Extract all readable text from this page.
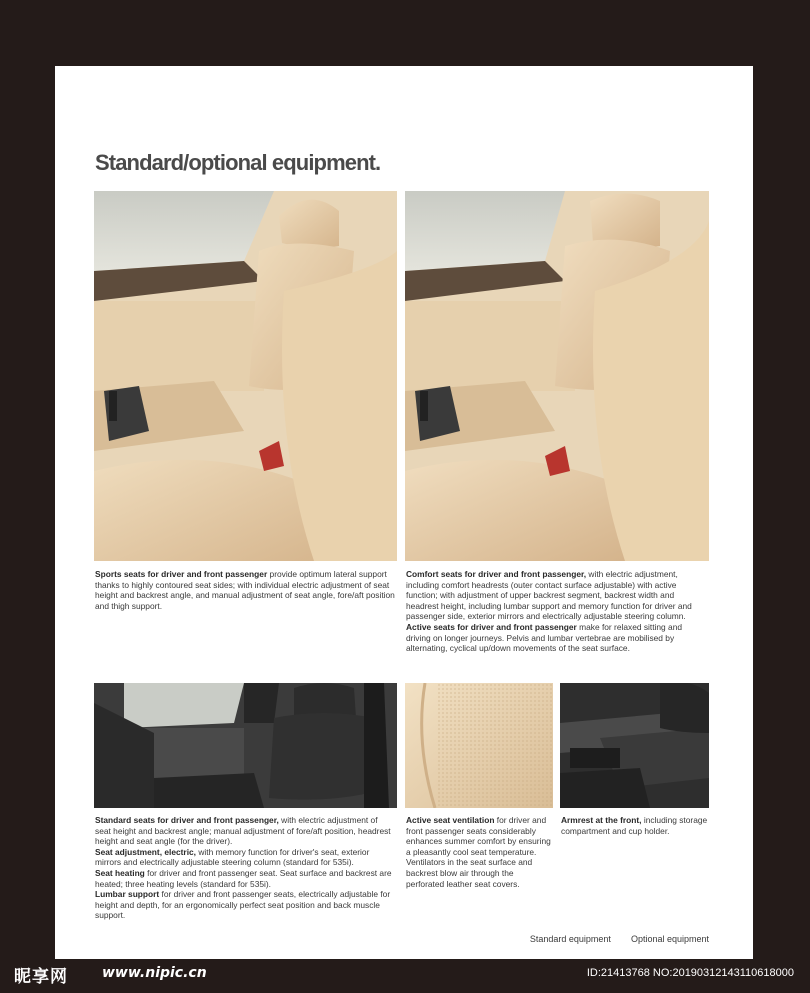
Standard/optional equipment.

Sports seats for driver and front passenger provide optimum lateral support thanks to highly contoured seat sides; with individual electric adjustment of seat height and backrest angle, and manual adjustment of seat angle, fore/aft position and thigh support.

Comfort seats for driver and front passenger, with electric adjustment, including comfort headrests (outer contact surface adjustable) with active function; with adjustment of upper backrest segment, backrest width and headrest height, including lumbar support and memory function for driver and passenger side, exterior mirrors and electrically adjustable steering column.

Active seats for driver and front passenger make for relaxed sitting and driving on longer journeys. Pelvis and lumbar vertebrae are mobilised by alternating, cyclical up/down movements of the seat surface.

Standard seats for driver and front passenger, with electric adjustment of seat height and backrest angle; manual adjustment of fore/aft position, headrest height and seat angle (for the driver).

Seat adjustment, electric, with memory function for driver's seat, exterior mirrors and electrically adjustable steering column (standard for 535i).

Seat heating for driver and front passenger seat. Seat surface and backrest are heated; three heating levels (standard for 535i).

Lumbar support for driver and front passenger seats, electrically adjustable for height and depth, for an ergonomically perfect seat position and back muscle support.

Active seat ventilation for driver and front passenger seats considerably enhances summer comfort by ensuring a pleasantly cool seat temperature. Ventilators in the seat surface and backrest blow air through the perforated leather seat covers.

Armrest at the front, including storage compartment and cup holder.

Standard equipment Optional equipment
昵享网 www.nipic.cn	ID:21413768 NO:20190312143110618000
